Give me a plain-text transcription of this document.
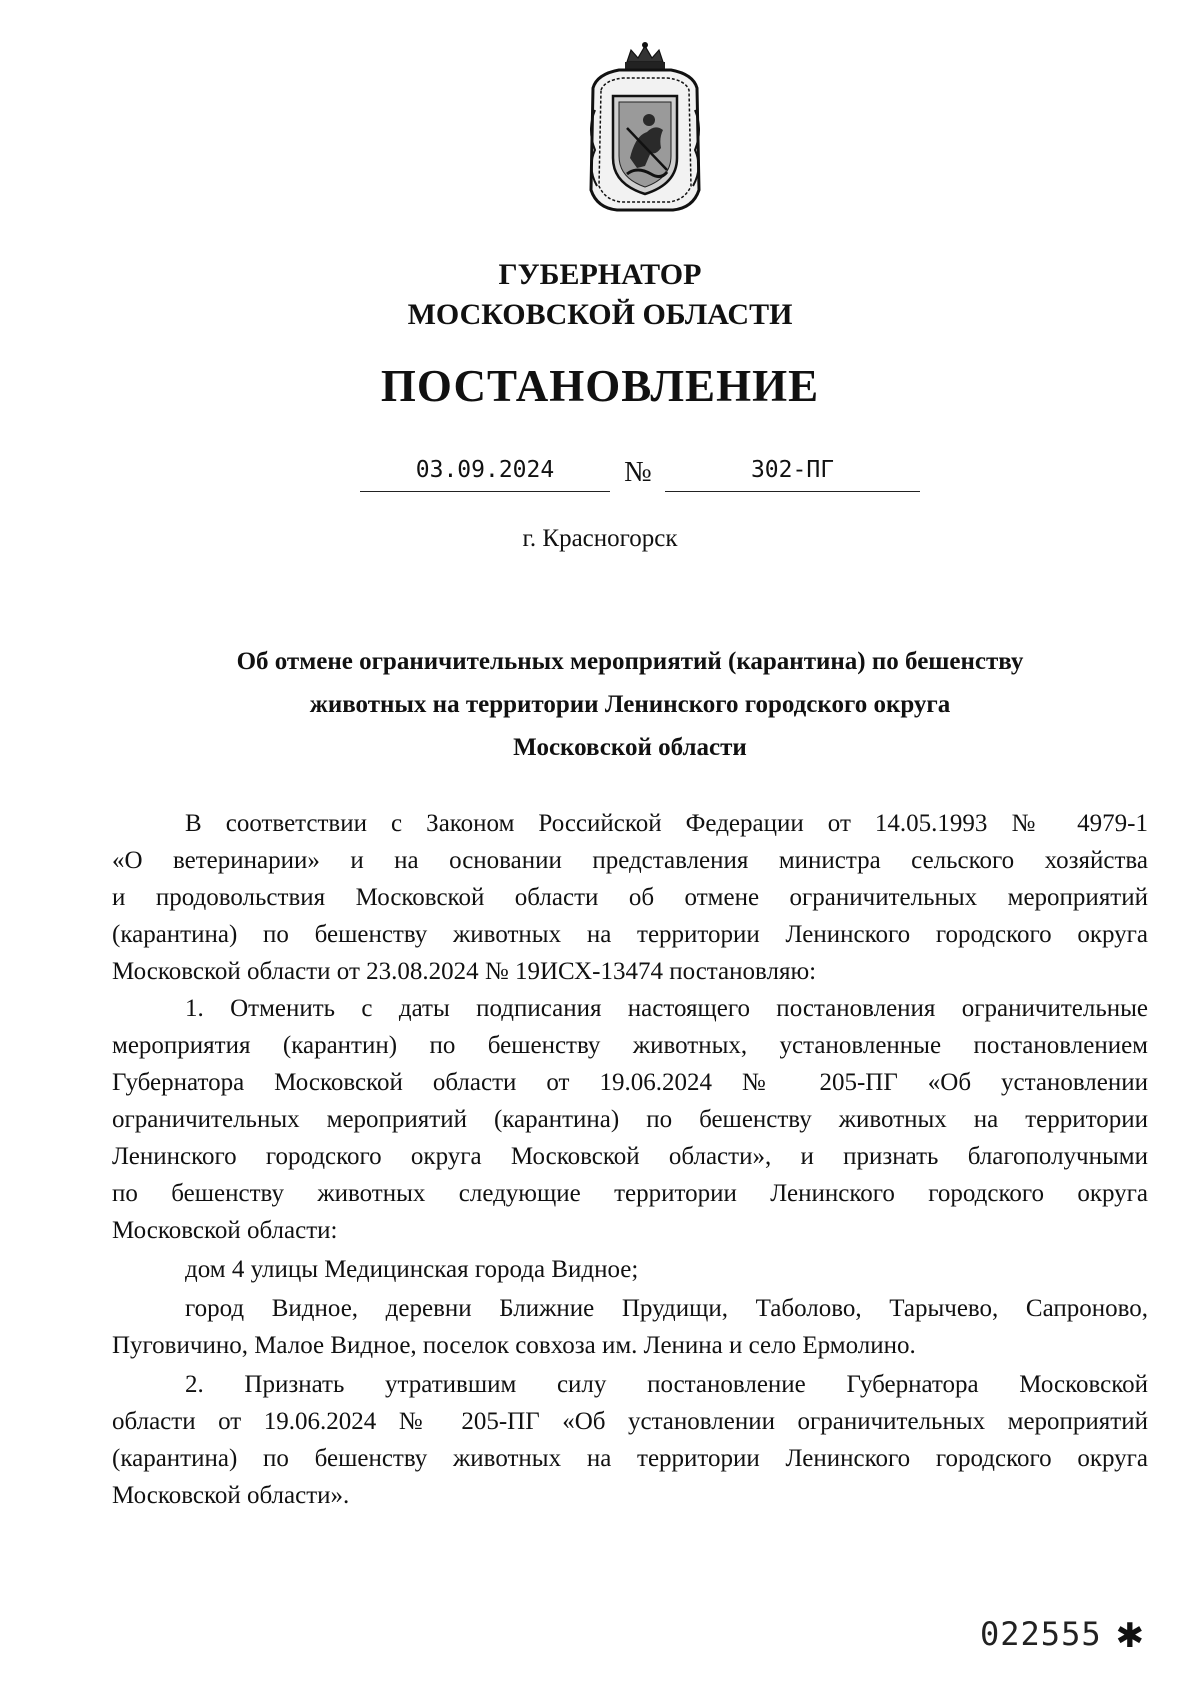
ГУБЕРНАТОР
МОСКОВСКОЙ ОБЛАСТИ
ПОСТАНОВЛЕНИЕ
03.09.2024	№	302-ПГ
г. Красногорск
Об отмене ограничительных мероприятий (карантина) по бешенству
животных на территории Ленинского городского округа
Московской области
В соответствии с Законом Российской Федерации от 14.05.1993 № 4979-1
«О ветеринарии» и на основании представления министра сельского хозяйства
и продовольствия Московской области об отмене ограничительных мероприятий
(карантина) по бешенству животных на территории Ленинского городского округа
Московской области от 23.08.2024 № 19ИСХ-13474 постановляю:
1. Отменить с даты подписания настоящего постановления ограничительные
мероприятия (карантин) по бешенству животных, установленные постановлением
Губернатора Московской области от 19.06.2024 № 205-ПГ «Об установлении
ограничительных мероприятий (карантина) по бешенству животных на территории
Ленинского городского округа Московской области», и признать благополучными
по бешенству животных следующие территории Ленинского городского округа
Московской области:
дом 4 улицы Медицинская города Видное;
город Видное, деревни Ближние Прудищи, Таболово, Тарычево, Сапроново,
Пуговичино, Малое Видное, поселок совхоза им. Ленина и село Ермолино.
2. Признать утратившим силу постановление Губернатора Московской
области от 19.06.2024 № 205-ПГ «Об установлении ограничительных мероприятий
(карантина) по бешенству животных на территории Ленинского городского округа
Московской области».
022555 ✱
